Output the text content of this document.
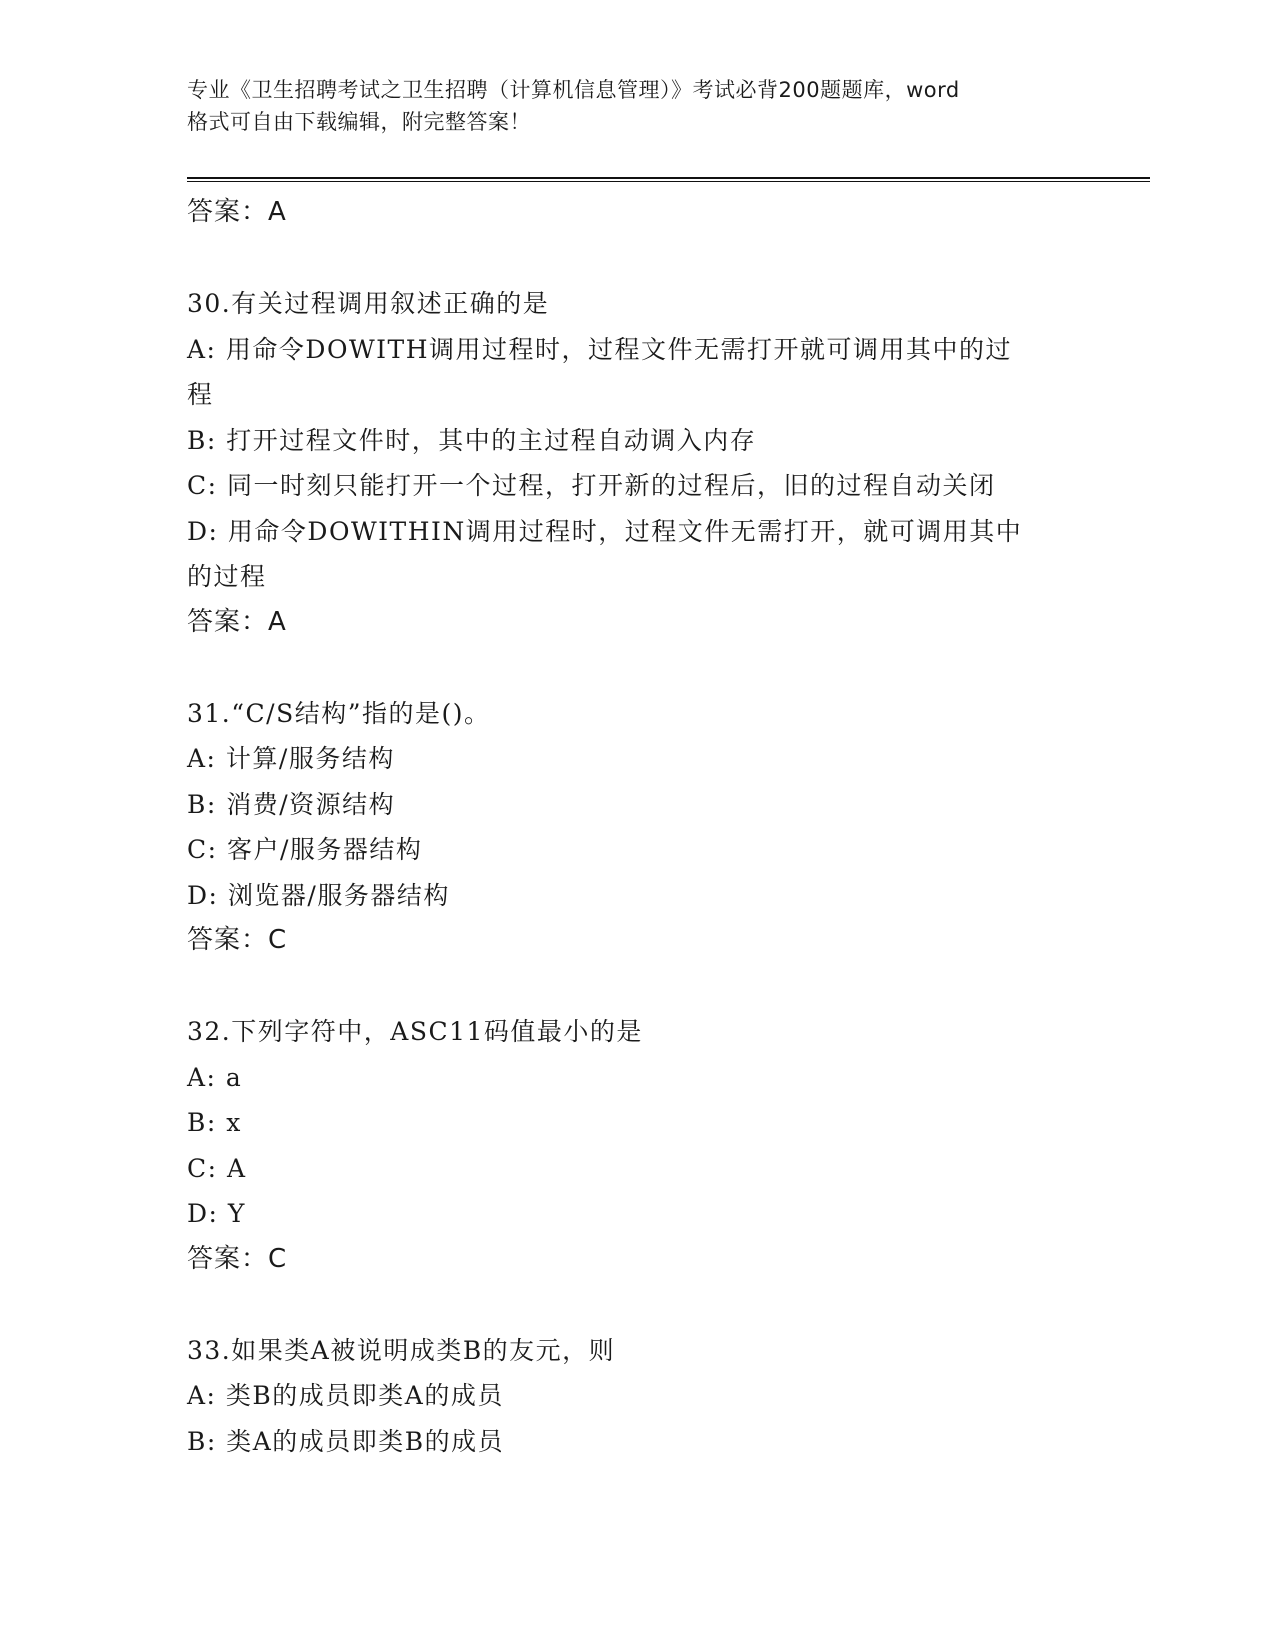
专业《卫生招聘考试之卫生招聘（计算机信息管理）》考试必背200题题库，word
格式可自由下载编辑，附完整答案！
答案：A
30.有关过程调用叙述正确的是
A: 用命令DOWITH调用过程时，过程文件无需打开就可调用其中的过
程
B: 打开过程文件时，其中的主过程自动调入内存
C: 同一时刻只能打开一个过程，打开新的过程后，旧的过程自动关闭
D: 用命令DOWITHIN调用过程时，过程文件无需打开，就可调用其中
的过程
答案：A
31.“C/S结构”指的是()。
A: 计算/服务结构
B: 消费/资源结构
C: 客户/服务器结构
D: 浏览器/服务器结构
答案：C
32.下列字符中，ASC11码值最小的是
A: a
B: x
C: A
D: Y
答案：C
33.如果类A被说明成类B的友元，则
A: 类B的成员即类A的成员
B: 类A的成员即类B的成员
